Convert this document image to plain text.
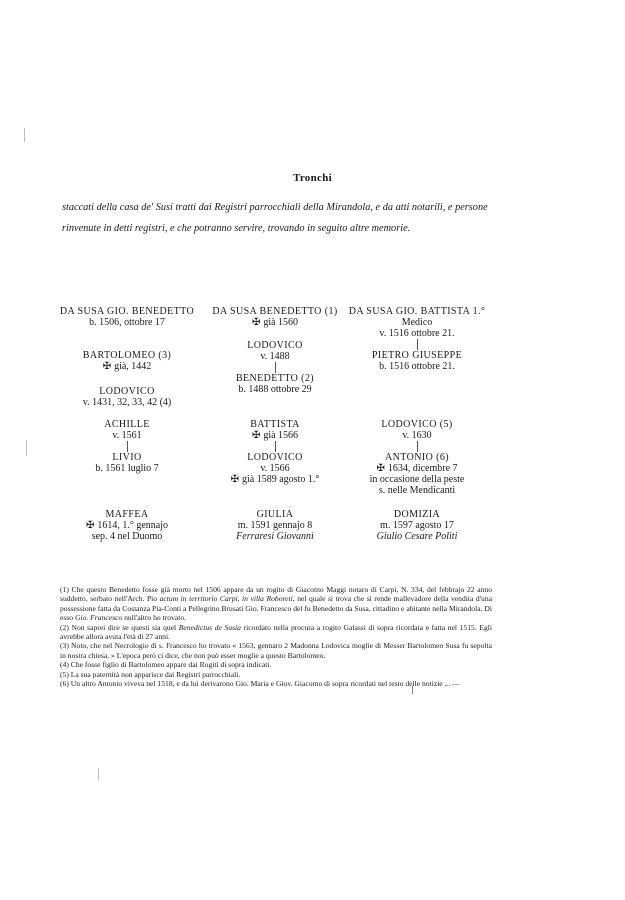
Tronchi
staccati della casa de' Susi tratti dai Registri parrocchiali della Mirandola, e da atti notarili, e persone rinvenute in detti registri, e che potranno servire, trovando in seguito altre memorie.
DA SUSA GIO. BENEDETTO
b. 1506, ottobre 17
BARTOLOMEO (3)
✠ già, 1442
LODOVICO
v. 1431, 32, 33, 42 (4)
ACHILLE
v. 1561
LIVIO
b. 1561 luglio 7
MAFFEA
✠ 1614, 1.° gennajo
sep. 4 nel Duomo
DA SUSA BENEDETTO (1)
✠ già 1560
LODOVICO
v. 1488
BENEDETTO (2)
b. 1488 ottobre 29
BATTISTA
✠ già 1566
LODOVICO
v. 1566
✠ già 1589 agosto 1.°
GIULIA
m. 1591 gennajo 8
Ferraresi Giovanni
DA SUSA GIO. BATTISTA 1.°
Medico
v. 1516 ottobre 21.
PIETRO GIUSEPPE
b. 1516 ottobre 21.
LODOVICO (5)
v. 1630
ANTONIO (6)
✠ 1634, dicembre 7
in occasione della peste
s. nelle Mendicanti
DOMIZIA
m. 1597 agosto 17
Giulio Cesare Politi

(1) Che questo Benedetto fosse già morto nel 1506 appare da un rogito di Giacomo Maggi notaro di Carpi, N. 334, del febbrajo 22 anno suddetto, serbato nell'Arch. Pio actum in territorio Carpi, in villa Roboreti, nel quale si trova che si rende mallevadore della vendita d'una possessione fatta da Costanza Pia-Conti a Pellegrino Brusati Gio. Francesco del fu Benedetto da Susa, cittadino e abitante nella Mirandola. Di esso Gio. Francesco null'altro ho trovato.

(2) Non saprei dire se questi sia quel Benedictus de Susia ricordato nella procura a rogito Galassi di sopra ricordata e fatta nel 1515. Egli avrebbe allora avuta l'età di 27 anni.

(3) Noto, che nel Necrologio di s. Francesco ho trovato « 1563, gennaro 2 Madonna Lodovica moglie di Messer Bartolomeo Susa fu sepolta in nostra chiesa. » L'epoca però ci dice, che non può esser moglie a questo Bartolomeo.

(4) Che fosse figlio di Bartolomeo appare dai Rogiti di sopra indicati.

(5) La sua paternità non apparisce dai Registri parrocchiali.

(6) Un altro Antonio viveva nel 1518, e da lui derivarono Gio. Maria e Giov. Giacomo di sopra ricordati nel testo delle notizie ... —
